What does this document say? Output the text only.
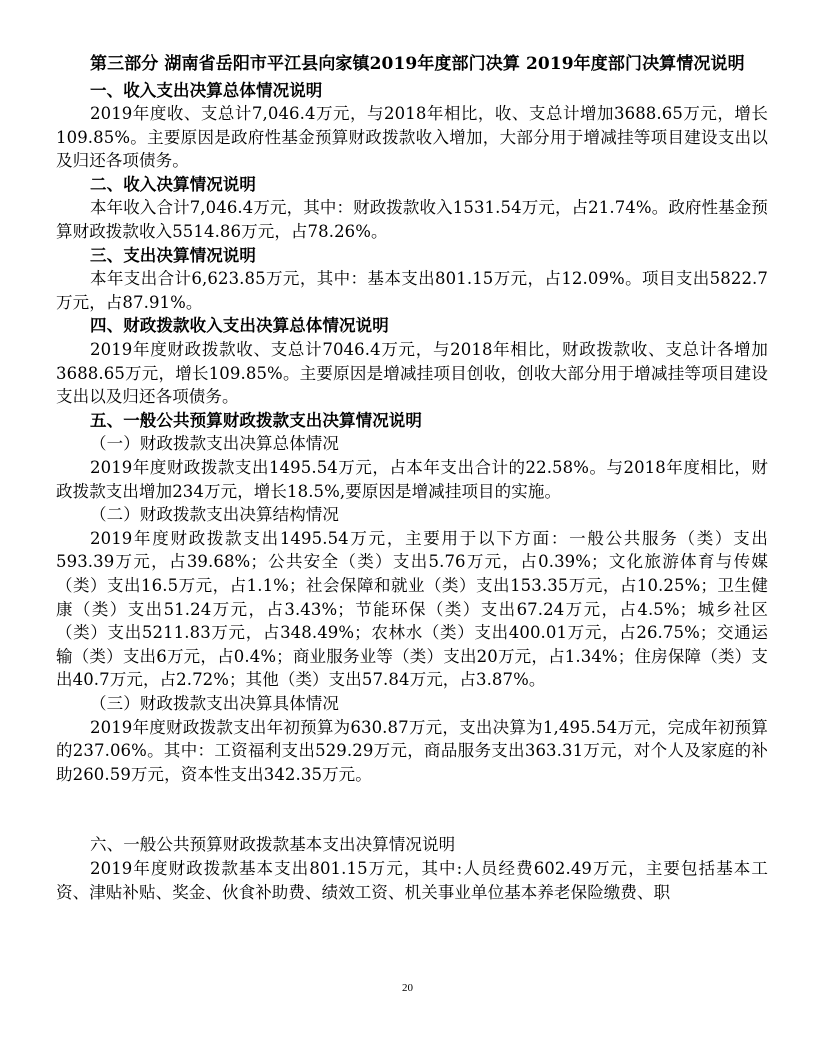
第三部分 湖南省岳阳市平江县向家镇2019年度部门决算 2019年度部门决算情况说明

一、收入支出决算总体情况说明

2019年度收、支总计7,046.4万元，与2018年相比，收、支总计增加3688.65万元，增长109.85%。主要原因是政府性基金预算财政拨款收入增加，大部分用于增减挂等项目建设支出以及归还各项债务。

二、收入决算情况说明

本年收入合计7,046.4万元，其中：财政拨款收入1531.54万元，占21.74%。政府性基金预算财政拨款收入5514.86万元，占78.26%。

三、支出决算情况说明

本年支出合计6,623.85万元，其中：基本支出801.15万元，占12.09%。项目支出5822.7万元，占87.91%。

四、财政拨款收入支出决算总体情况说明

2019年度财政拨款收、支总计7046.4万元，与2018年相比，财政拨款收、支总计各增加3688.65万元，增长109.85%。主要原因是增减挂项目创收，创收大部分用于增减挂等项目建设支出以及归还各项债务。

五、一般公共预算财政拨款支出决算情况说明

（一）财政拨款支出决算总体情况

2019年度财政拨款支出1495.54万元，占本年支出合计的22.58%。与2018年度相比，财政拨款支出增加234万元，增长18.5%,要原因是增减挂项目的实施。

（二）财政拨款支出决算结构情况

2019年度财政拨款支出1495.54万元，主要用于以下方面：一般公共服务（类）支出593.39万元，占39.68%；公共安全（类）支出5.76万元，占0.39%；文化旅游体育与传媒（类）支出16.5万元，占1.1%；社会保障和就业（类）支出153.35万元，占10.25%；卫生健康（类）支出51.24万元，占3.43%；节能环保（类）支出67.24万元，占4.5%；城乡社区（类）支出5211.83万元，占348.49%；农林水（类）支出400.01万元，占26.75%；交通运输（类）支出6万元，占0.4%；商业服务业等（类）支出20万元，占1.34%；住房保障（类）支出40.7万元，占2.72%；其他（类）支出57.84万元，占3.87%。

（三）财政拨款支出决算具体情况

2019年度财政拨款支出年初预算为630.87万元，支出决算为1,495.54万元，完成年初预算的237.06%。其中：工资福利支出529.29万元，商品服务支出363.31万元，对个人及家庭的补助260.59万元，资本性支出342.35万元。

六、一般公共预算财政拨款基本支出决算情况说明

2019年度财政拨款基本支出801.15万元，其中:人员经费602.49万元，主要包括基本工资、津贴补贴、奖金、伙食补助费、绩效工资、机关事业单位基本养老保险缴费、职

20
